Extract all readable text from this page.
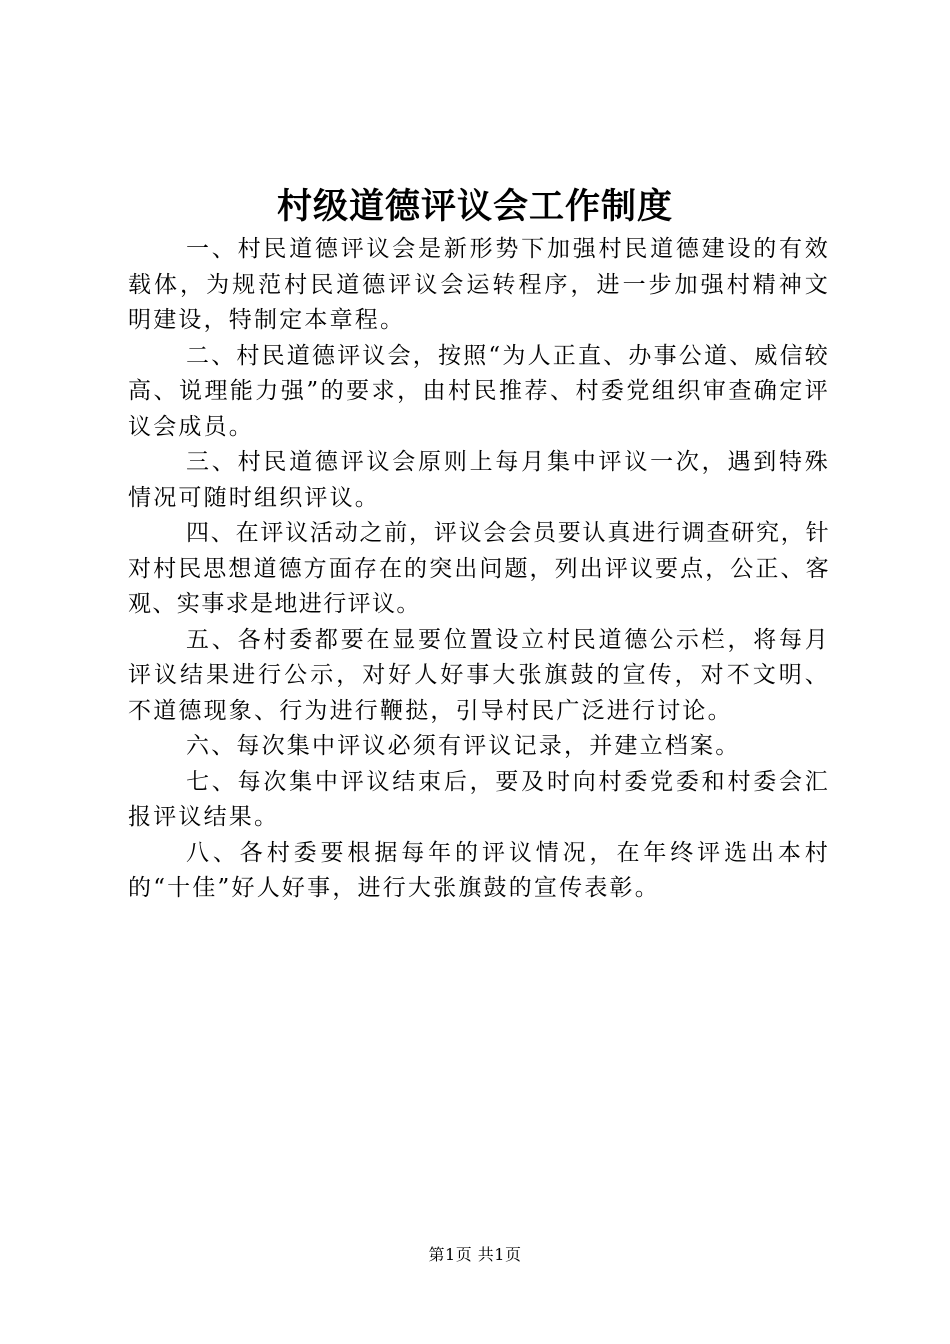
村级道德评议会工作制度

一、村民道德评议会是新形势下加强村民道德建设的有效载体，为规范村民道德评议会运转程序，进一步加强村精神文明建设，特制定本章程。

二、村民道德评议会，按照“为人正直、办事公道、威信较高、说理能力强”的要求，由村民推荐、村委党组织审查确定评议会成员。

三、村民道德评议会原则上每月集中评议一次，遇到特殊情况可随时组织评议。

四、在评议活动之前，评议会会员要认真进行调查研究，针对村民思想道德方面存在的突出问题，列出评议要点，公正、客观、实事求是地进行评议。

五、各村委都要在显要位置设立村民道德公示栏，将每月评议结果进行公示，对好人好事大张旗鼓的宣传，对不文明、不道德现象、行为进行鞭挞，引导村民广泛进行讨论。

六、每次集中评议必须有评议记录，并建立档案。

七、每次集中评议结束后，要及时向村委党委和村委会汇报评议结果。

八、各村委要根据每年的评议情况，在年终评选出本村的“十佳”好人好事，进行大张旗鼓的宣传表彰。

第1页 共1页
